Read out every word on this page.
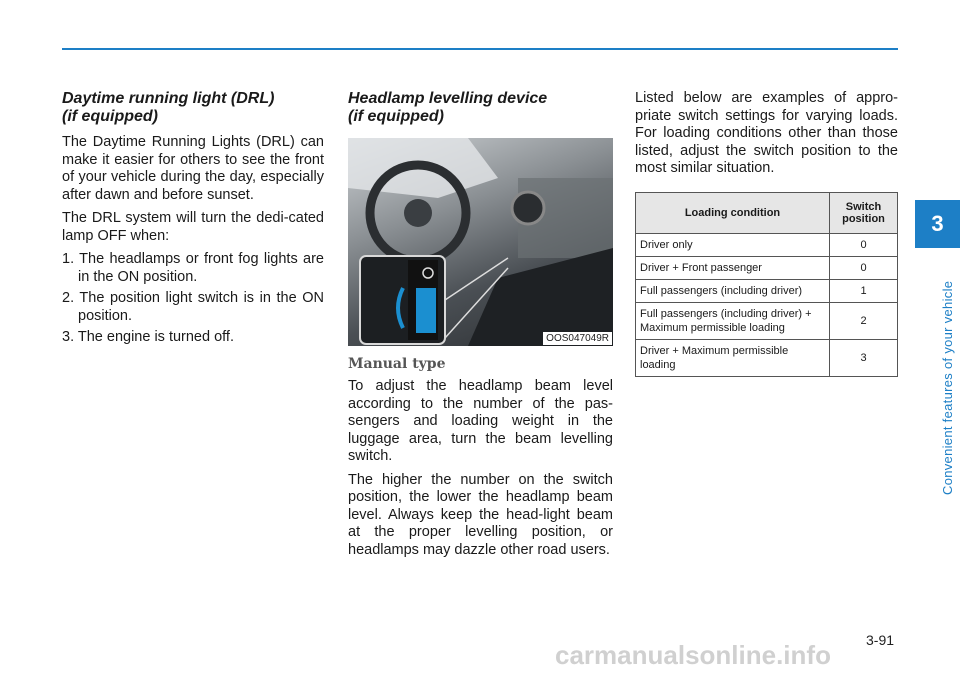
3
Convenient features of your vehicle
Daytime running light (DRL)
(if equipped)

The Daytime Running Lights (DRL) can make it easier for others to see the front of your vehicle during the day, especially after dawn and before sunset.

The DRL system will turn the dedi-cated lamp OFF when:

1. The headlamps or front fog lights are in the ON position.
2. The position light switch is in the ON position.
3. The engine is turned off.
Headlamp levelling device
(if equipped)
OOS047049R
Manual type

To adjust the headlamp beam level according to the number of the pas-sengers and loading weight in the luggage area, turn the beam levelling switch.

The higher the number on the switch position, the lower the headlamp beam level. Always keep the head-light beam at the proper levelling position, or headlamps may dazzle other road users.

Listed below are examples of appro-priate switch settings for varying loads. For loading conditions other than those listed, adjust the switch position to the most similar situation.

Loading condition	Switch position
Driver only	0
Driver + Front passenger	0
Full passengers (including driver)	1
Full passengers (including driver) + Maximum permissible loading	2
Driver + Maximum permissible loading	3
3-91
carmanualsonline.info
